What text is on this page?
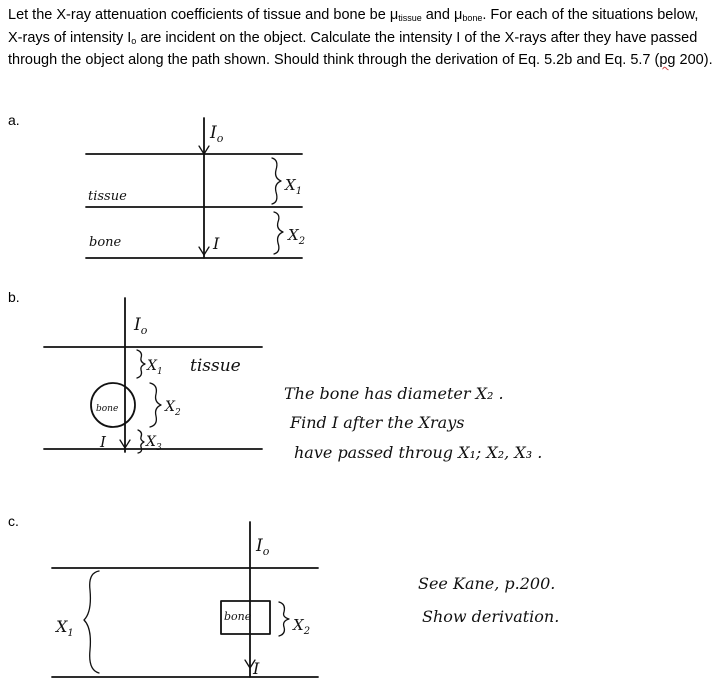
Let the X-ray attenuation coefficients of tissue and bone be $\mu_{tissue}$ and $\mu_{bone}$. For each of the situations below, X-rays of intensity $I_o$ are incident on the object. Calculate the intensity I of the X-rays after they have passed through the object along the path shown. Should think through the derivation of Eq. 5.2b and Eq. 5.7 (pg 200).
a.
b.
c.
$I_o$
tissue
bone	I
$X_1$
$X_2$
$I_o$
bone
$X_1$ tissue
$X_2$
$X_3$
I
The bone has diameter X₂ .
Find I after the Xrays
have passed throug X₁; X₂, X₃ .
$I_o$
bone	$X_2$
I
$X_1$
See Kane, p.200.
Show derivation.
